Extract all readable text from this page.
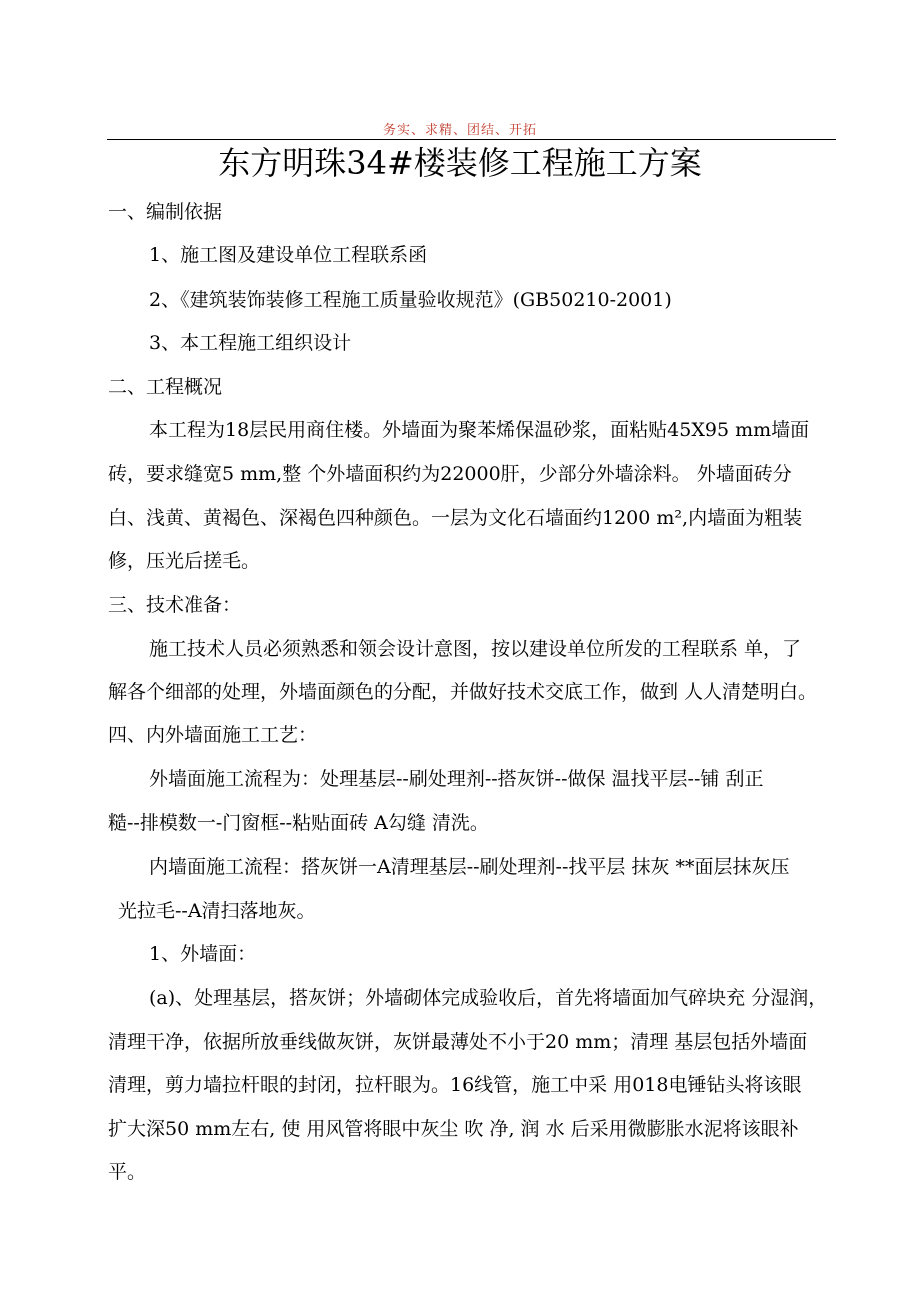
务实、求精、团结、开拓
东方明珠34#楼装修工程施工方案
一、编制依据
1、施工图及建设单位工程联系函
2、《建筑装饰装修工程施工质量验收规范》(GB50210-2001)
3、本工程施工组织设计
二、工程概况
本工程为18层民用商住楼。外墙面为聚苯烯保温砂浆，面粘贴45X95 mm墙面
砖，要求缝宽5 mm,整 个外墙面积约为22000肝，少部分外墙涂料。 外墙面砖分
白、浅黄、黄褐色、深褐色四种颜色。一层为文化石墙面约1200 m²,内墙面为粗装
修，压光后搓毛。
三、技术准备：
施工技术人员必须熟悉和领会设计意图，按以建设单位所发的工程联系 单，了
解各个细部的处理，外墙面颜色的分配，并做好技术交底工作，做到 人人清楚明白。
四、内外墙面施工工艺：
外墙面施工流程为：处理基层--刷处理剂--搭灰饼--做保 温找平层--铺 刮正
糙--排模数一-门窗框--粘贴面砖 A勾缝 清洗。
内墙面施工流程：搭灰饼一A清理基层--刷处理剂--找平层 抹灰 **面层抹灰压
光拉毛--A清扫落地灰。
1、外墙面：
(a)、处理基层，搭灰饼；外墙砌体完成验收后，首先将墙面加气碎块充 分湿润，
清理干净，依据所放垂线做灰饼，灰饼最薄处不小于20 mm；清理 基层包括外墙面
清理，剪力墙拉杆眼的封闭，拉杆眼为。16线管，施工中采 用018电锤钻头将该眼
扩大深50 mm左右, 使 用风管将眼中灰尘 吹 净, 润 水 后采用微膨胀水泥将该眼补
平。
